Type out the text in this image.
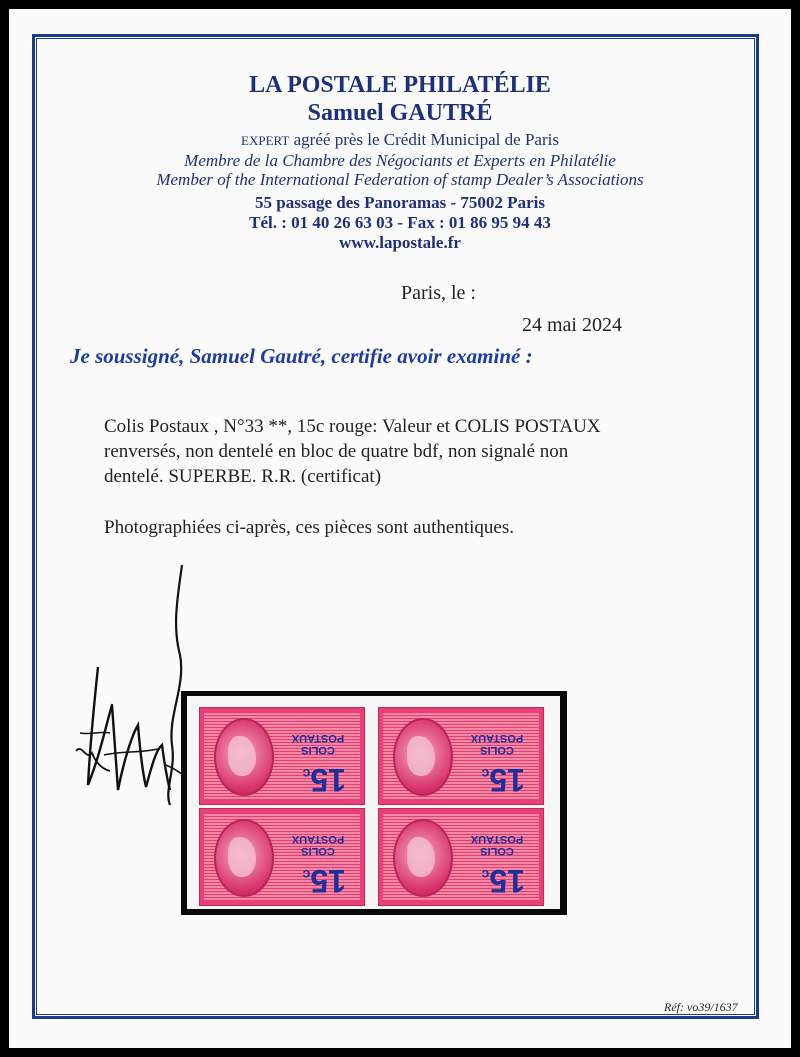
LA POSTALE PHILATÉLIE
Samuel GAUTRÉ
EXPERT agréé près le Crédit Municipal de Paris
Membre de la Chambre des Négociants et Experts en Philatélie
Member of the International Federation of stamp Dealer’s Associations
55 passage des Panoramas - 75002 Paris
Tél. : 01 40 26 63 03 - Fax : 01 86 95 94 43
www.lapostale.fr
Paris, le :
24 mai 2024
Je soussigné, Samuel Gautré, certifie avoir examiné :
Colis Postaux , N°33 **, 15c rouge: Valeur et COLIS POSTAUX
renversés, non dentelé en bloc de quatre bdf, non signalé non
dentelé. SUPERBE. R.R. (certificat)
Photographiées ci-après, ces pièces sont authentiques.
COLIS
POSTAUX
15c
COLIS
POSTAUX
15c
COLIS
POSTAUX
15c
COLIS
POSTAUX
15c
Réf: vo39/1637
